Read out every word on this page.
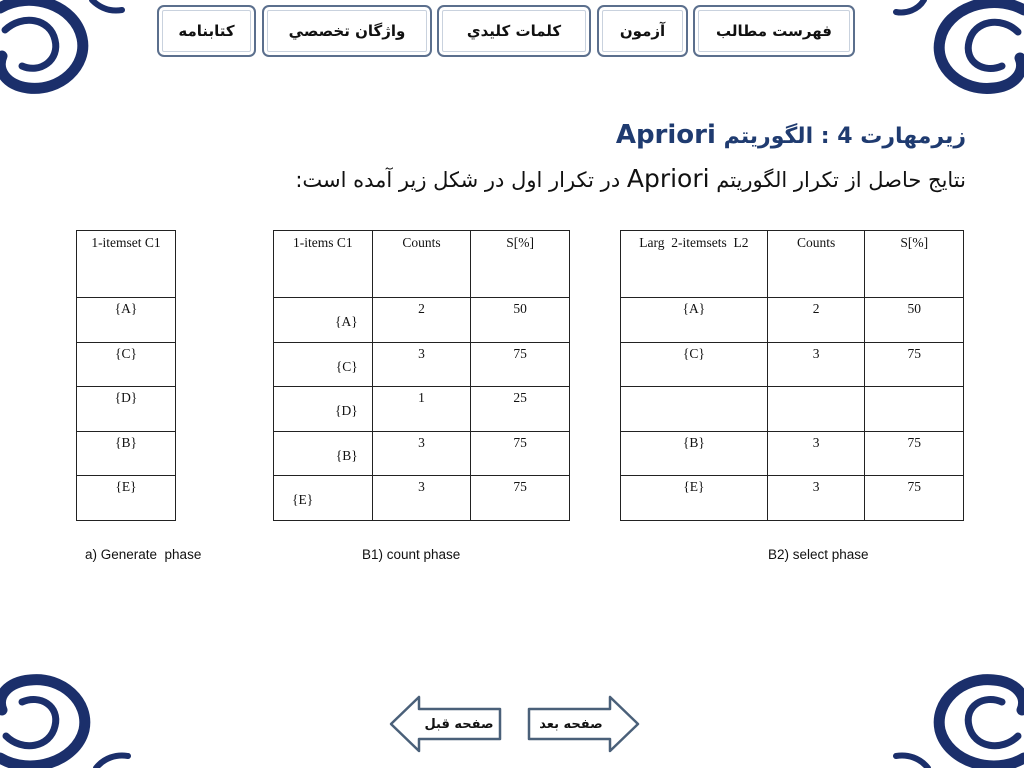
فهرست مطالب
آزمون
كلمات كليدي
واژگان تخصصي
کتابنامه
زیرمهارت 4 : الگوریتم Apriori
نتایج حاصل از تکرار الگوریتم Apriori در تکرار اول در شکل زیر آمده است:
1-itemset C1
{A}
{C}
{D}
{B}
{E}
1-items C1	Counts	S[%]

{A}	2	50

{C}	3	75

{D}	1	25

{B}	3	75

{E}	3	75
Larg  2-itemsets  L2	Counts	S[%]
{A}	2	50
{C}	3	75

{B}	3	75
{E}	3	75
a) Generate  phase	B1) count phase	B2) select phase
صفحه قبل	صفحه بعد
